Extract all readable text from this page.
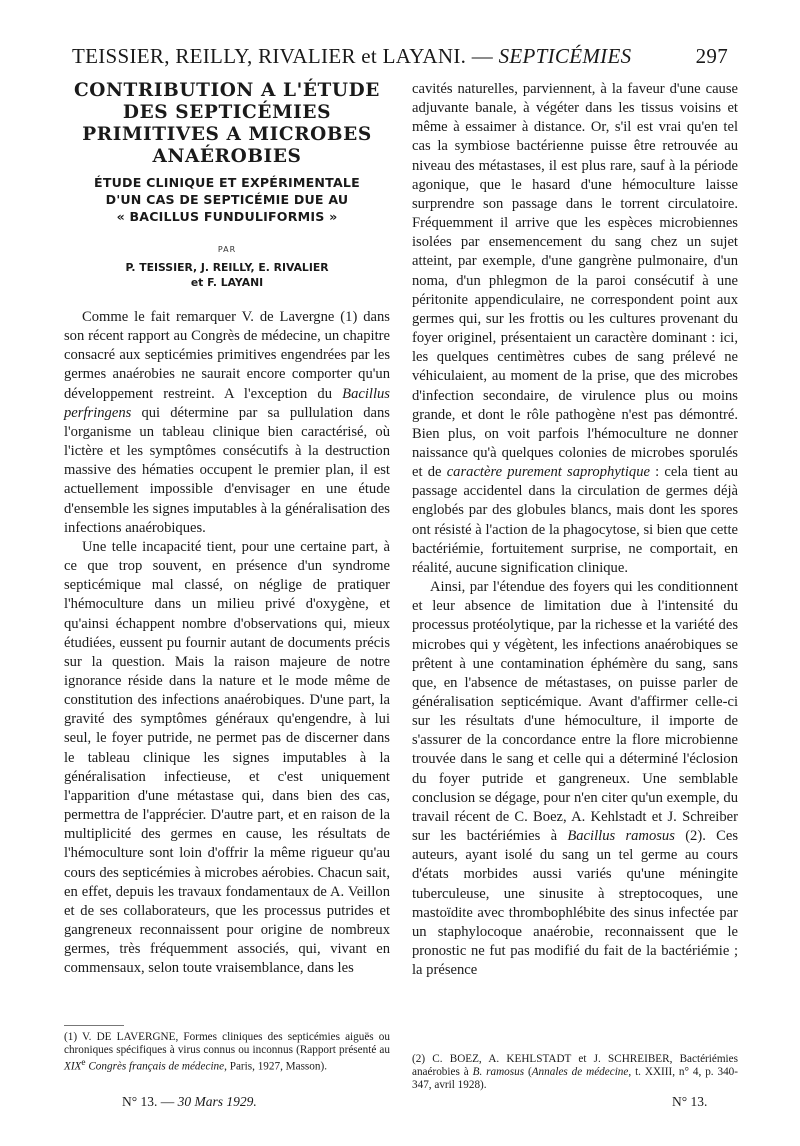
TEISSIER, REILLY, RIVALIER et LAYANI. — SEPTICÉMIES	297
CONTRIBUTION A L'ÉTUDE
DES SEPTICÉMIES
PRIMITIVES A MICROBES
ANAÉROBIES
ÉTUDE CLINIQUE ET EXPÉRIMENTALE
D'UN CAS DE SEPTICÉMIE DUE AU
« BACILLUS FUNDULIFORMIS »
PAR

P. TEISSIER, J. REILLY, E. RIVALIER
et F. LAYANI

Comme le fait remarquer V. de Lavergne (1) dans son récent rapport au Congrès de médecine, un chapitre consacré aux septicémies primitives engendrées par les germes anaérobies ne saurait encore comporter qu'un développement restreint. A l'exception du Bacillus perfringens qui détermine par sa pullulation dans l'organisme un tableau clinique bien caractérisé, où l'ictère et les symptômes consécutifs à la destruction massive des hématies occupent le premier plan, il est actuellement impossible d'envisager en une étude d'ensemble les signes imputables à la généralisation des infections anaérobiques.

Une telle incapacité tient, pour une certaine part, à ce que trop souvent, en présence d'un syndrome septicémique mal classé, on néglige de pratiquer l'hémoculture dans un milieu privé d'oxygène, et qu'ainsi échappent nombre d'observations qui, mieux étudiées, eussent pu fournir autant de documents précis sur la question. Mais la raison majeure de notre ignorance réside dans la nature et le mode même de constitution des infections anaérobiques. D'une part, la gravité des symptômes généraux qu'engendre, à lui seul, le foyer putride, ne permet pas de discerner dans le tableau clinique les signes imputables à la généralisation infectieuse, et c'est uniquement l'apparition d'une métastase qui, dans bien des cas, permettra de l'apprécier. D'autre part, et en raison de la multiplicité des germes en cause, les résultats de l'hémoculture sont loin d'offrir la même rigueur qu'au cours des septicémies à microbes aérobies. Chacun sait, en effet, depuis les travaux fondamentaux de A. Veillon et de ses collaborateurs, que les processus putrides et gangreneux reconnaissent pour origine de nombreux germes, très fréquemment associés, qui, vivant en commensaux, selon toute vraisemblance, dans les

cavités naturelles, parviennent, à la faveur d'une cause adjuvante banale, à végéter dans les tissus voisins et même à essaimer à distance. Or, s'il est vrai qu'en tel cas la symbiose bactérienne puisse être retrouvée au niveau des métastases, il est plus rare, sauf à la période agonique, que le hasard d'une hémoculture laisse surprendre son passage dans le torrent circulatoire. Fréquemment il arrive que les espèces microbiennes isolées par ensemencement du sang chez un sujet atteint, par exemple, d'une gangrène pulmonaire, d'un noma, d'un phlegmon de la paroi consécutif à une péritonite appendiculaire, ne correspondent point aux germes qui, sur les frottis ou les cultures provenant du foyer originel, présentaient un caractère dominant : ici, les quelques centimètres cubes de sang prélevé ne véhiculaient, au moment de la prise, que des microbes d'infection secondaire, de virulence plus ou moins grande, et dont le rôle pathogène n'est pas démontré. Bien plus, on voit parfois l'hémoculture ne donner naissance qu'à quelques colonies de microbes sporulés et de caractère purement saprophytique : cela tient au passage accidentel dans la circulation de germes déjà englobés par des globules blancs, mais dont les spores ont résisté à l'action de la phagocytose, si bien que cette bactériémie, fortuitement surprise, ne comportait, en réalité, aucune signification clinique.

Ainsi, par l'étendue des foyers qui les conditionnent et leur absence de limitation due à l'intensité du processus protéolytique, par la richesse et la variété des microbes qui y végètent, les infections anaérobiques se prêtent à une contamination éphémère du sang, sans que, en l'absence de métastases, on puisse parler de généralisation septicémique. Avant d'affirmer celle-ci sur les résultats d'une hémoculture, il importe de s'assurer de la concordance entre la flore microbienne trouvée dans le sang et celle qui a déterminé l'éclosion du foyer putride et gangreneux. Une semblable conclusion se dégage, pour n'en citer qu'un exemple, du travail récent de C. Boez, A. Kehlstadt et J. Schreiber sur les bactériémies à Bacillus ramosus (2). Ces auteurs, ayant isolé du sang un tel germe au cours d'états morbides aussi variés qu'une méningite tuberculeuse, une sinusite à streptocoques, une mastoïdite avec thrombophlébite des sinus infectée par un staphylocoque anaérobie, reconnaissent que le pronostic ne fut pas modifié du fait de la bactériémie ; la présence

(1) V. DE LAVERGNE, Formes cliniques des septicémies aiguës ou chroniques spécifiques à virus connus ou inconnus (Rapport présenté au XIXe Congrès français de médecine, Paris, 1927, Masson).
(2) C. BOEZ, A. KEHLSTADT et J. SCHREIBER, Bactériémies anaérobies à B. ramosus (Annales de médecine, t. XXIII, n° 4, p. 340-347, avril 1928).
N° 13. — 30 Mars 1929.	N° 13.
